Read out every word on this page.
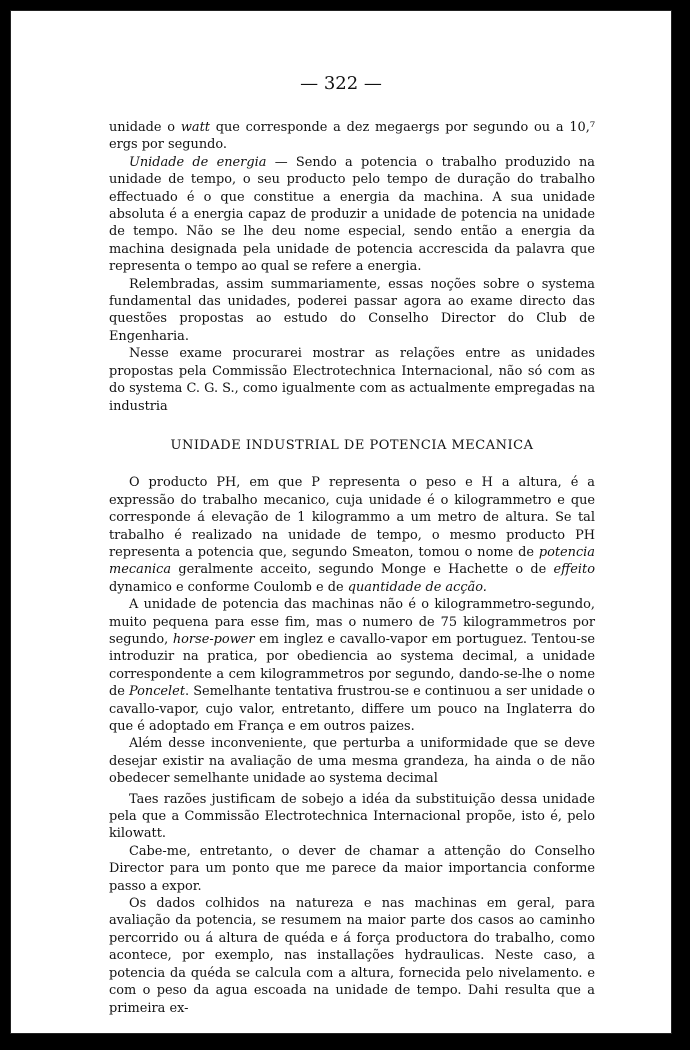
— 322 —

unidade o watt que corresponde a dez megaergs por segundo ou a 10,⁷ ergs por segundo.

Unidade de energia — Sendo a potencia o trabalho produzido na unidade de tempo, o seu producto pelo tempo de duração do trabalho effectuado é o que constitue a energia da machina. A sua unidade absoluta é a energia capaz de produzir a unidade de potencia na unidade de tempo. Não se lhe deu nome especial, sendo então a energia da machina designada pela unidade de potencia accrescida da palavra que representa o tempo ao qual se refere a energia.

Relembradas, assim summariamente, essas noções sobre o systema fundamental das unidades, poderei passar agora ao exame directo das questões propostas ao estudo do Conselho Director do Club de Engenharia.

Nesse exame procurarei mostrar as relações entre as unidades propostas pela Commissão Electrotechnica Internacional, não só com as do systema C. G. S., como igualmente com as actualmente empregadas na industria

UNIDADE INDUSTRIAL DE POTENCIA MECANICA

O producto PH, em que P representa o peso e H a altura, é a expressão do trabalho mecanico, cuja unidade é o kilogrammetro e que corresponde á elevação de 1 kilogrammo a um metro de altura. Se tal trabalho é realizado na unidade de tempo, o mesmo producto PH representa a potencia que, segundo Smeaton, tomou o nome de potencia mecanica geralmente acceito, segundo Monge e Hachette o de effeito dynamico e conforme Coulomb e de quantidade de acção.

A unidade de potencia das machinas não é o kilogrammetro-segundo, muito pequena para esse fim, mas o numero de 75 kilogrammetros por segundo, horse-power em inglez e cavallo-vapor em portuguez. Tentou-se introduzir na pratica, por obediencia ao systema decimal, a unidade correspondente a cem kilogrammetros por segundo, dando-se-lhe o nome de Poncelet. Semelhante tentativa frustrou-se e continuou a ser unidade o cavallo-vapor, cujo valor, entretanto, differe um pouco na Inglaterra do que é adoptado em França e em outros paizes.

Além desse inconveniente, que perturba a uniformidade que se deve desejar existir na avaliação de uma mesma grandeza, ha ainda o de não obedecer semelhante unidade ao systema decimal

Taes razões justificam de sobejo a idéa da substituição dessa unidade pela que a Commissão Electrotechnica Internacional propõe, isto é, pelo kilowatt.

Cabe-me, entretanto, o dever de chamar a attenção do Conselho Director para um ponto que me parece da maior importancia conforme passo a expor.

Os dados colhidos na natureza e nas machinas em geral, para avaliação da potencia, se resumem na maior parte dos casos ao caminho percorrido ou á altura de quéda e á força productora do trabalho, como acontece, por exemplo, nas installações hydraulicas. Neste caso, a potencia da quéda se calcula com a altura, fornecida pelo nivelamento. e com o peso da agua escoada na unidade de tempo. Dahi resulta que a primeira ex-
